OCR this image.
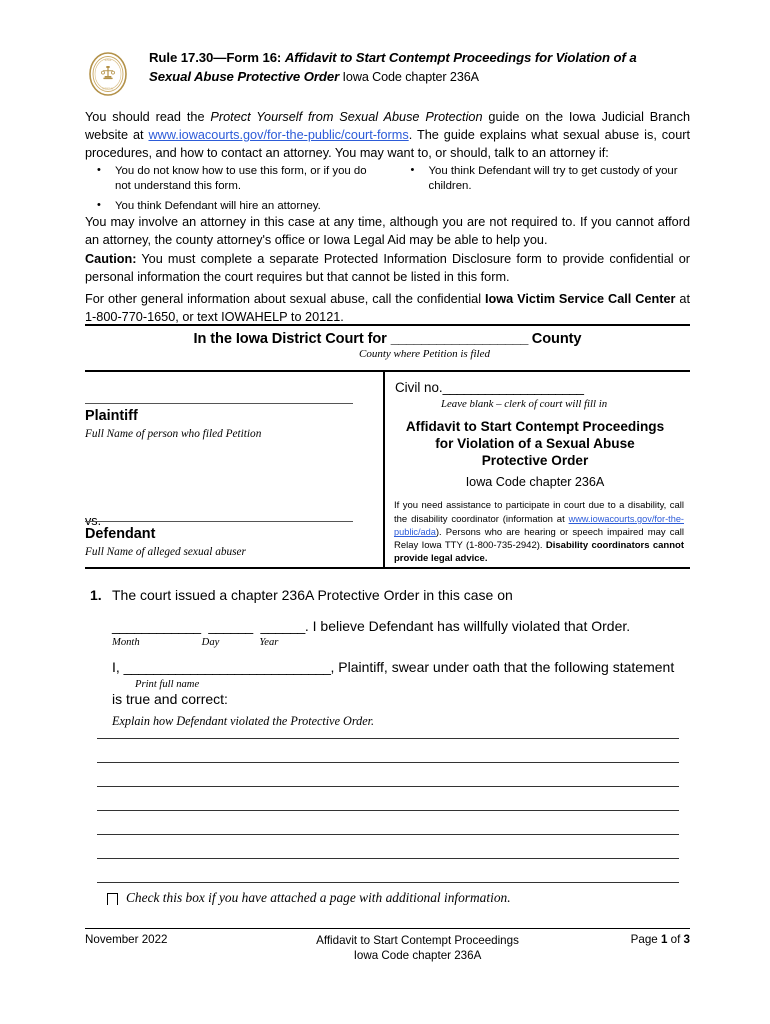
IOWA
JUDICIAL
Rule 17.30—Form 16: Affidavit to Start Contempt Proceedings for Violation of a
Sexual Abuse Protective Order Iowa Code chapter 236A
You should read the Protect Yourself from Sexual Abuse Protection guide on the Iowa Judicial Branch website at www.iowacourts.gov/for-the-public/court-forms. The guide explains what sexual abuse is, court procedures, and how to contact an attorney. You may want to, or should, talk to an attorney if:
• You do not know how to use this form, or if you do not understand this form.
• You think Defendant will hire an attorney.
• You think Defendant will try to get custody of your children.
You may involve an attorney in this case at any time, although you are not required to. If you cannot afford an attorney, the county attorney's office or Iowa Legal Aid may be able to help you.
Caution: You must complete a separate Protected Information Disclosure form to provide confidential or personal information the court requires but that cannot be listed in this form.
For other general information about sexual abuse, call the confidential Iowa Victim Service Call Center at 1-800-770-1650, or text IOWAHELP to 20121.
In the Iowa District Court for __________________ County
County where Petition is filed
Plaintiff
Full Name of person who filed Petition
vs.
Defendant
Full Name of alleged sexual abuser
Civil no.____________________
Leave blank – clerk of court will fill in
Affidavit to Start Contempt Proceedings
for Violation of a Sexual Abuse
Protective Order
Iowa Code chapter 236A
If you need assistance to participate in court due to a disability, call the disability coordinator (information at www.iowacourts.gov/for-the-public/ada). Persons who are hearing or speech impaired may call Relay Iowa TTY (1-800-735-2942). Disability coordinators cannot provide legal advice.
1. The court issued a chapter 236A Protective Order in this case on
____________ ______ ______. I believe Defendant has willfully violated that Order.
Month	Day	Year
I, ____________________________, Plaintiff, swear under oath that the following statement
Print full name
is true and correct:
Explain how Defendant violated the Protective Order.
Check this box if you have attached a page with additional information.
November 2022	Affidavit to Start Contempt Proceedings
Iowa Code chapter 236A
Page 1 of 3
